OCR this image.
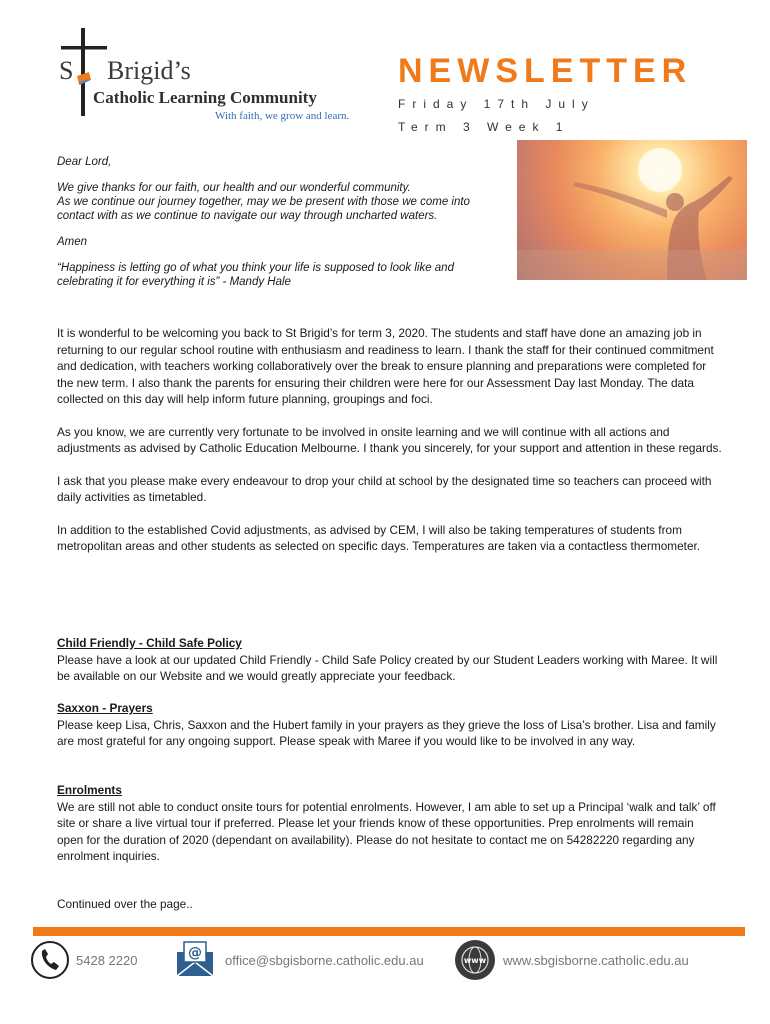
S Brigid’s
Catholic Learning Community
With faith, we grow and learn.
NEWSLETTER
Friday 17th July
Term 3 Week 1

Dear Lord,

We give thanks for our faith, our health and our wonderful community.
As we continue our journey together, may we be present with those we come into contact with as we continue to navigate our way through uncharted waters.

Amen

“Happiness is letting go of what you think your life is supposed to look like and celebrating it for everything it is” - Mandy Hale

It is wonderful to be welcoming you back to St Brigid’s for term 3, 2020. The students and staff have done an amazing job in returning to our regular school routine with enthusiasm and readiness to learn. I thank the staff for their continued commitment and dedication, with teachers working collaboratively over the break to ensure planning and preparations were completed for the new term. I also thank the parents for ensuring their children were here for our Assessment Day last Monday. The data collected on this day will help inform future planning, groupings and foci.

As you know, we are currently very fortunate to be involved in onsite learning and we will continue with all actions and adjustments as advised by Catholic Education Melbourne. I thank you sincerely, for your support and attention in these regards.

I ask that you please make every endeavour to drop your child at school by the designated time so teachers can proceed with daily activities as timetabled.

In addition to the established Covid adjustments, as advised by CEM, I will also be taking temperatures of students from metropolitan areas and other students as selected on specific days. Temperatures are taken via a contactless thermometer.

Child Friendly - Child Safe Policy
Please have a look at our updated Child Friendly - Child Safe Policy created by our Student Leaders working with Maree. It will be available on our Website and we would greatly appreciate your feedback.
Saxxon - Prayers
Please keep Lisa, Chris, Saxxon and the Hubert family in your prayers as they grieve the loss of Lisa’s brother. Lisa and family are most grateful for any ongoing support. Please speak with Maree if you would like to be involved in any way.
Enrolments
We are still not able to conduct onsite tours for potential enrolments. However, I am able to set up a Principal ‘walk and talk’ off site or share a live virtual tour if preferred. Please let your friends know of these opportunities. Prep enrolments will remain open for the duration of 2020 (dependant on availability). Please do not hesitate to contact me on 54282220 regarding any enrolment inquiries.
Continued over the page..
5428 2220	@ office@sbgisborne.catholic.edu.au	www www.sbgisborne.catholic.edu.au
